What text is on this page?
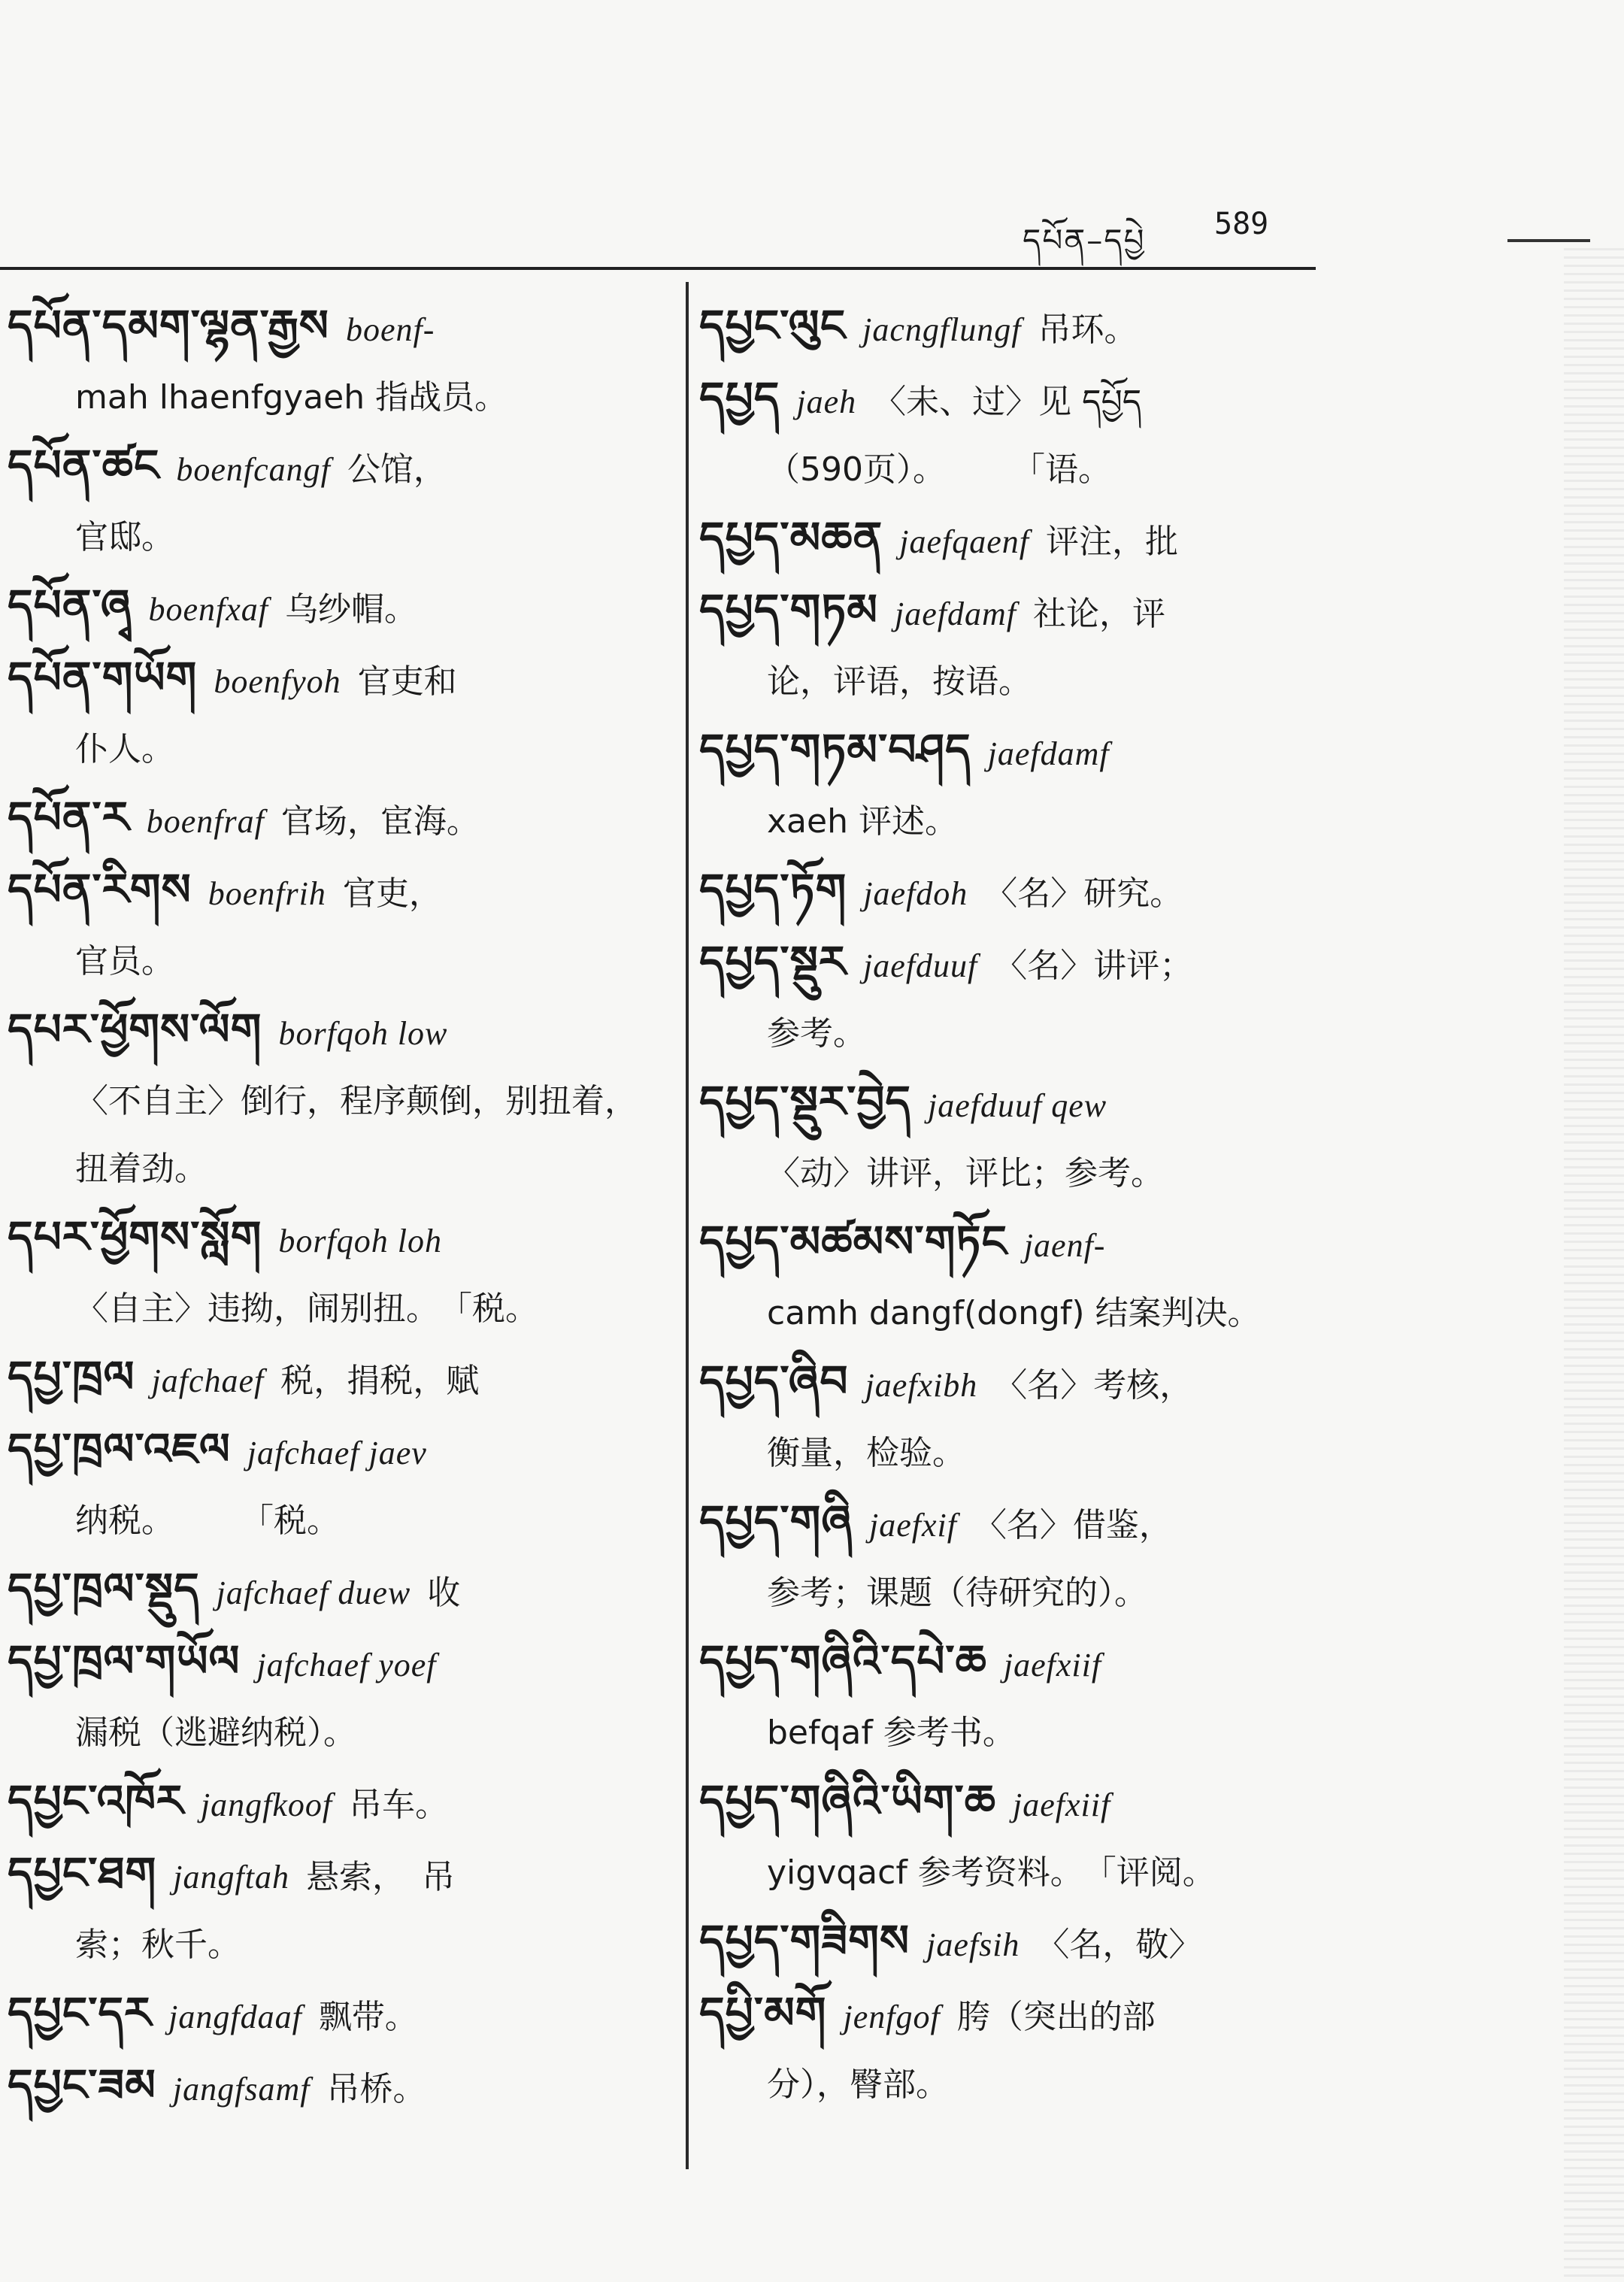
དཔོན–དཔྱེ 589
དཔོན་དམག་ལྷན་རྒྱས  boenf- 
mah lhaenfgyaeh 指战员。
དཔོན་ཚང  boenfcangf  公馆，
官邸。
དཔོན་ཞྭ  boenfxaf  乌纱帽。
དཔོན་གཡོག  boenfyoh  官吏和
仆人。
དཔོན་ར  boenfraf  官场，宦海。
དཔོན་རིགས  boenfrih  官吏，
官员。
དཔར་ཕྱོགས་ལོག  borfqoh low 
〈不自主〉倒行，程序颠倒，别扭着，扭着劲。
དཔར་ཕྱོགས་སློག  borfqoh loh 
〈自主〉违拗，闹别扭。　「税。
དཔྱ་ཁྲལ  jafchaef  税，捐税，赋
དཔྱ་ཁྲལ་འཇལ  jafchaef jaev 
纳税。　　　「税。
དཔྱ་ཁྲལ་སྡུད  jafchaef duew  收
དཔྱ་ཁྲལ་གཡོལ  jafchaef yoef 
漏税（逃避纳税）。
དཔྱང་འཁོར  jangfkoof  吊车。
དཔྱང་ཐག  jangftah  悬索，　吊
索；秋千。
དཔྱང་དར  jangfdaaf  飘带。
དཔྱང་ཟམ  jangfsamf  吊桥。
དཔྱང་ལུང  jacngflungf  吊环。
དཔྱད  jaeh  〈未、过〉见 དཔྱོད
（590页）。　　　「语。
དཔྱད་མཆན  jaefqaenf  评注，批
དཔྱད་གཏམ  jaefdamf  社论，评
论，评语，按语。
དཔྱད་གཏམ་བཤད  jaefdamf 
xaeh 评述。
དཔྱད་ཏོག  jaefdoh  〈名〉研究。
དཔྱད་སྡུར  jaefduuf  〈名〉讲评；
参考。
དཔྱད་སྡུར་བྱེད  jaefduuf qew 
〈动〉讲评，评比；参考。
དཔྱད་མཚམས་གཏོང  jaenf- 
camh dangf(dongf) 结案判决。
དཔྱད་ཞིབ  jaefxibh  〈名〉考核，
衡量，检验。
དཔྱད་གཞི  jaefxif  〈名〉借鉴，
参考；课题（待研究的）。
དཔྱད་གཞིའི་དཔེ་ཆ  jaefxiif 
befqaf 参考书。
དཔྱད་གཞིའི་ཡིག་ཆ  jaefxiif 
yigvqacf 参考资料。　「评阅。
དཔྱད་གཟིགས  jaefsih  〈名，敬〉
དཔྱི་མགོ  jenfgof  胯（突出的部
分），臀部。
